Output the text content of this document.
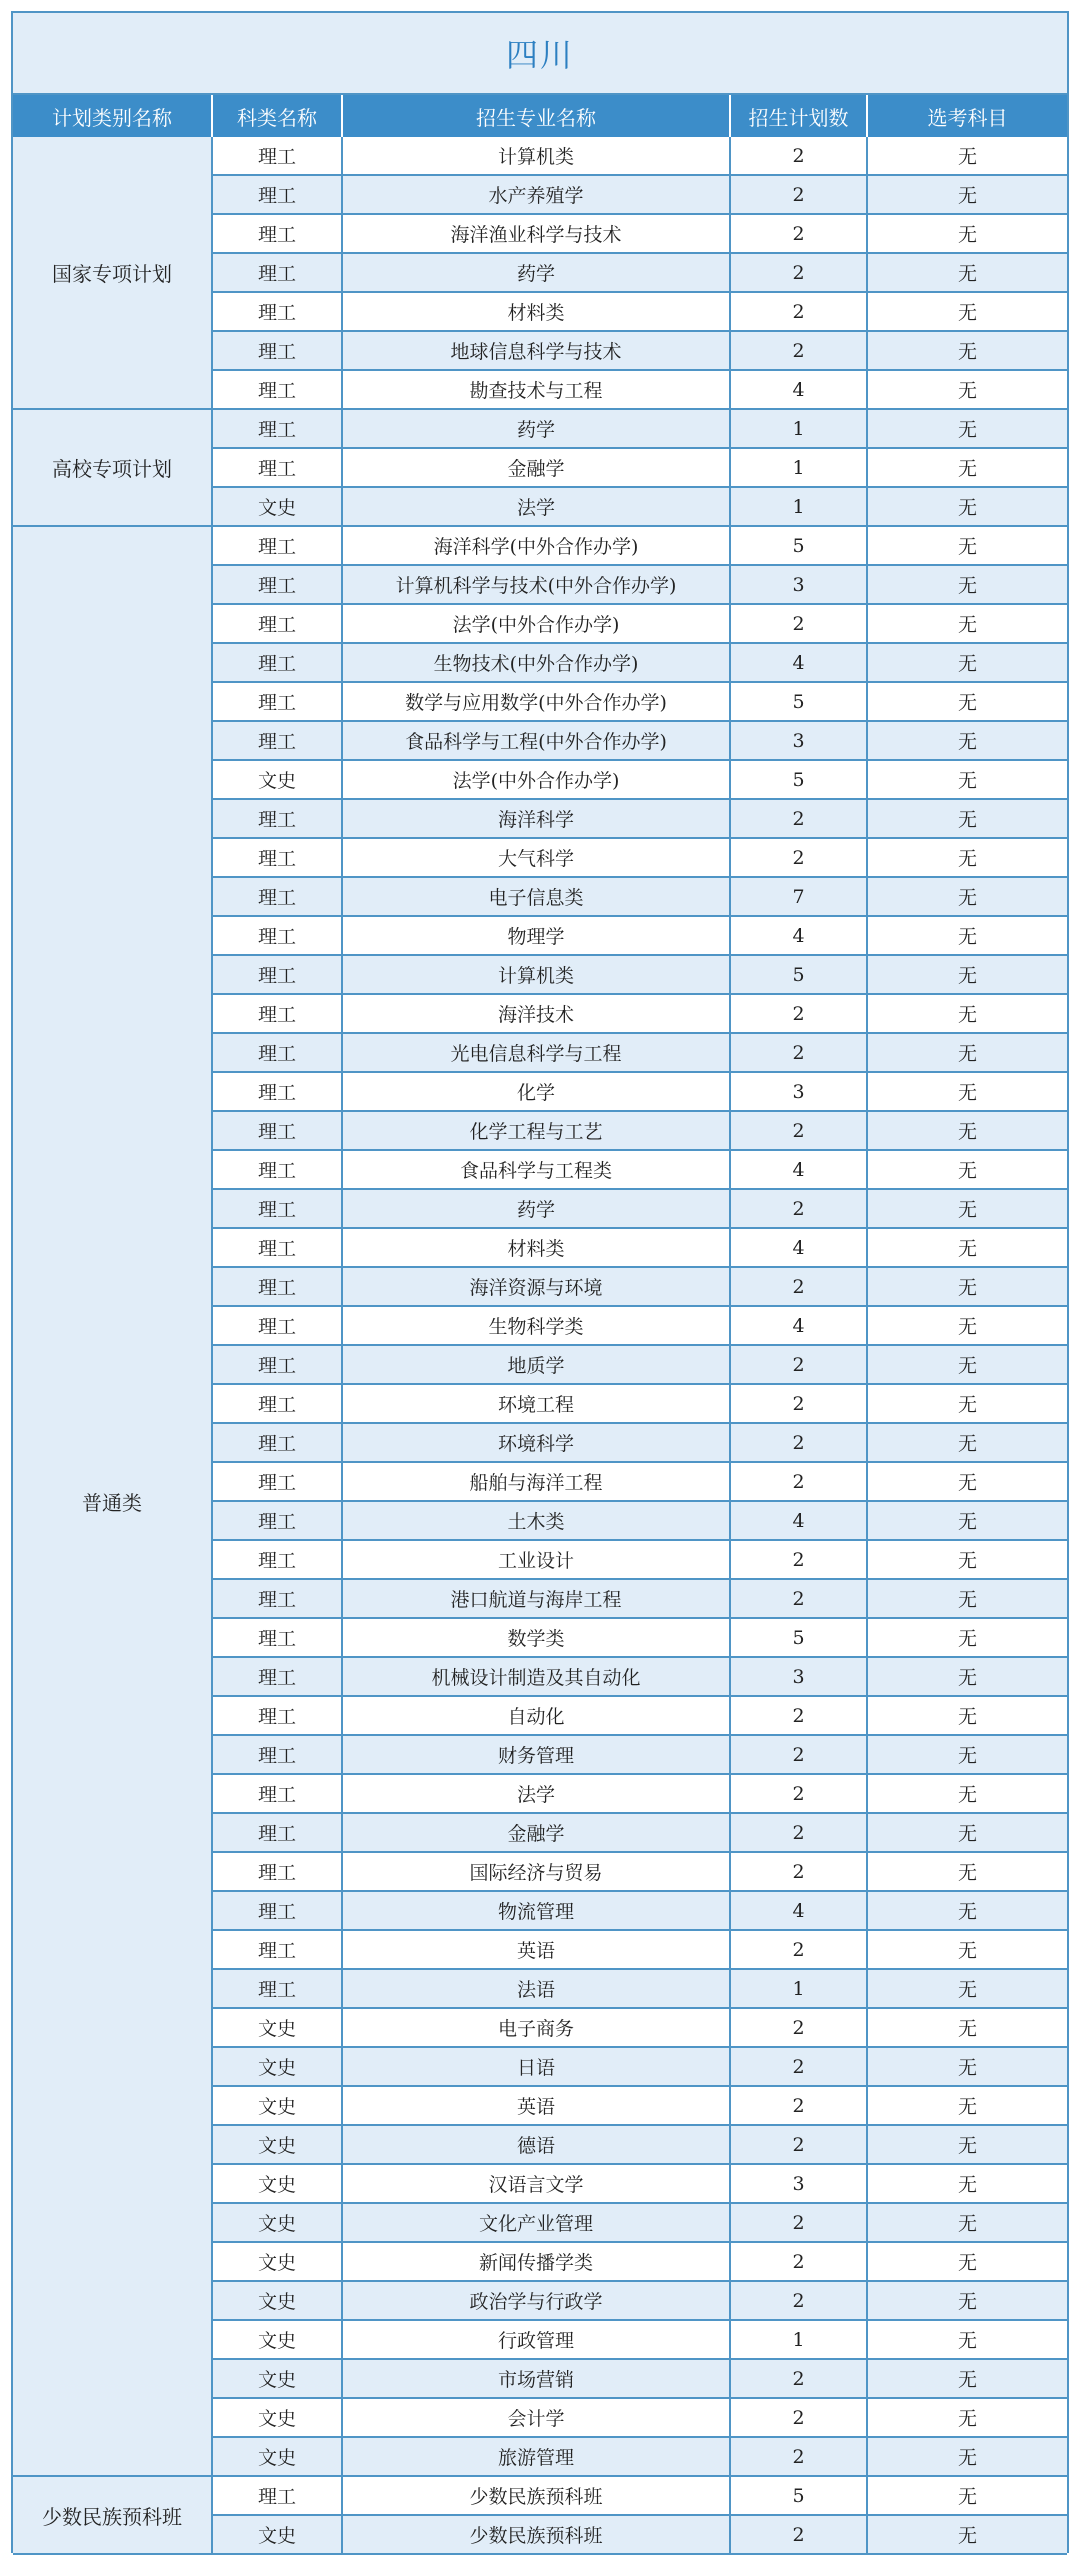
四川
计划类别名称	科类名称	招生专业名称	招生计划数	选考科目
国家专项计划
理工	计算机类	2	无
理工	水产养殖学	2	无
理工	海洋渔业科学与技术	2	无
理工	药学	2	无
理工	材料类	2	无
理工	地球信息科学与技术	2	无
理工	勘查技术与工程	4	无
高校专项计划
理工	药学	1	无
理工	金融学	1	无
文史	法学	1	无
普通类
理工	海洋科学(中外合作办学)	5	无
理工	计算机科学与技术(中外合作办学)	3	无
理工	法学(中外合作办学)	2	无
理工	生物技术(中外合作办学)	4	无
理工	数学与应用数学(中外合作办学)	5	无
理工	食品科学与工程(中外合作办学)	3	无
文史	法学(中外合作办学)	5	无
理工	海洋科学	2	无
理工	大气科学	2	无
理工	电子信息类	7	无
理工	物理学	4	无
理工	计算机类	5	无
理工	海洋技术	2	无
理工	光电信息科学与工程	2	无
理工	化学	3	无
理工	化学工程与工艺	2	无
理工	食品科学与工程类	4	无
理工	药学	2	无
理工	材料类	4	无
理工	海洋资源与环境	2	无
理工	生物科学类	4	无
理工	地质学	2	无
理工	环境工程	2	无
理工	环境科学	2	无
理工	船舶与海洋工程	2	无
理工	土木类	4	无
理工	工业设计	2	无
理工	港口航道与海岸工程	2	无
理工	数学类	5	无
理工	机械设计制造及其自动化	3	无
理工	自动化	2	无
理工	财务管理	2	无
理工	法学	2	无
理工	金融学	2	无
理工	国际经济与贸易	2	无
理工	物流管理	4	无
理工	英语	2	无
理工	法语	1	无
文史	电子商务	2	无
文史	日语	2	无
文史	英语	2	无
文史	德语	2	无
文史	汉语言文学	3	无
文史	文化产业管理	2	无
文史	新闻传播学类	2	无
文史	政治学与行政学	2	无
文史	行政管理	1	无
文史	市场营销	2	无
文史	会计学	2	无
文史	旅游管理	2	无
少数民族预科班
理工	少数民族预科班	5	无
文史	少数民族预科班	2	无
